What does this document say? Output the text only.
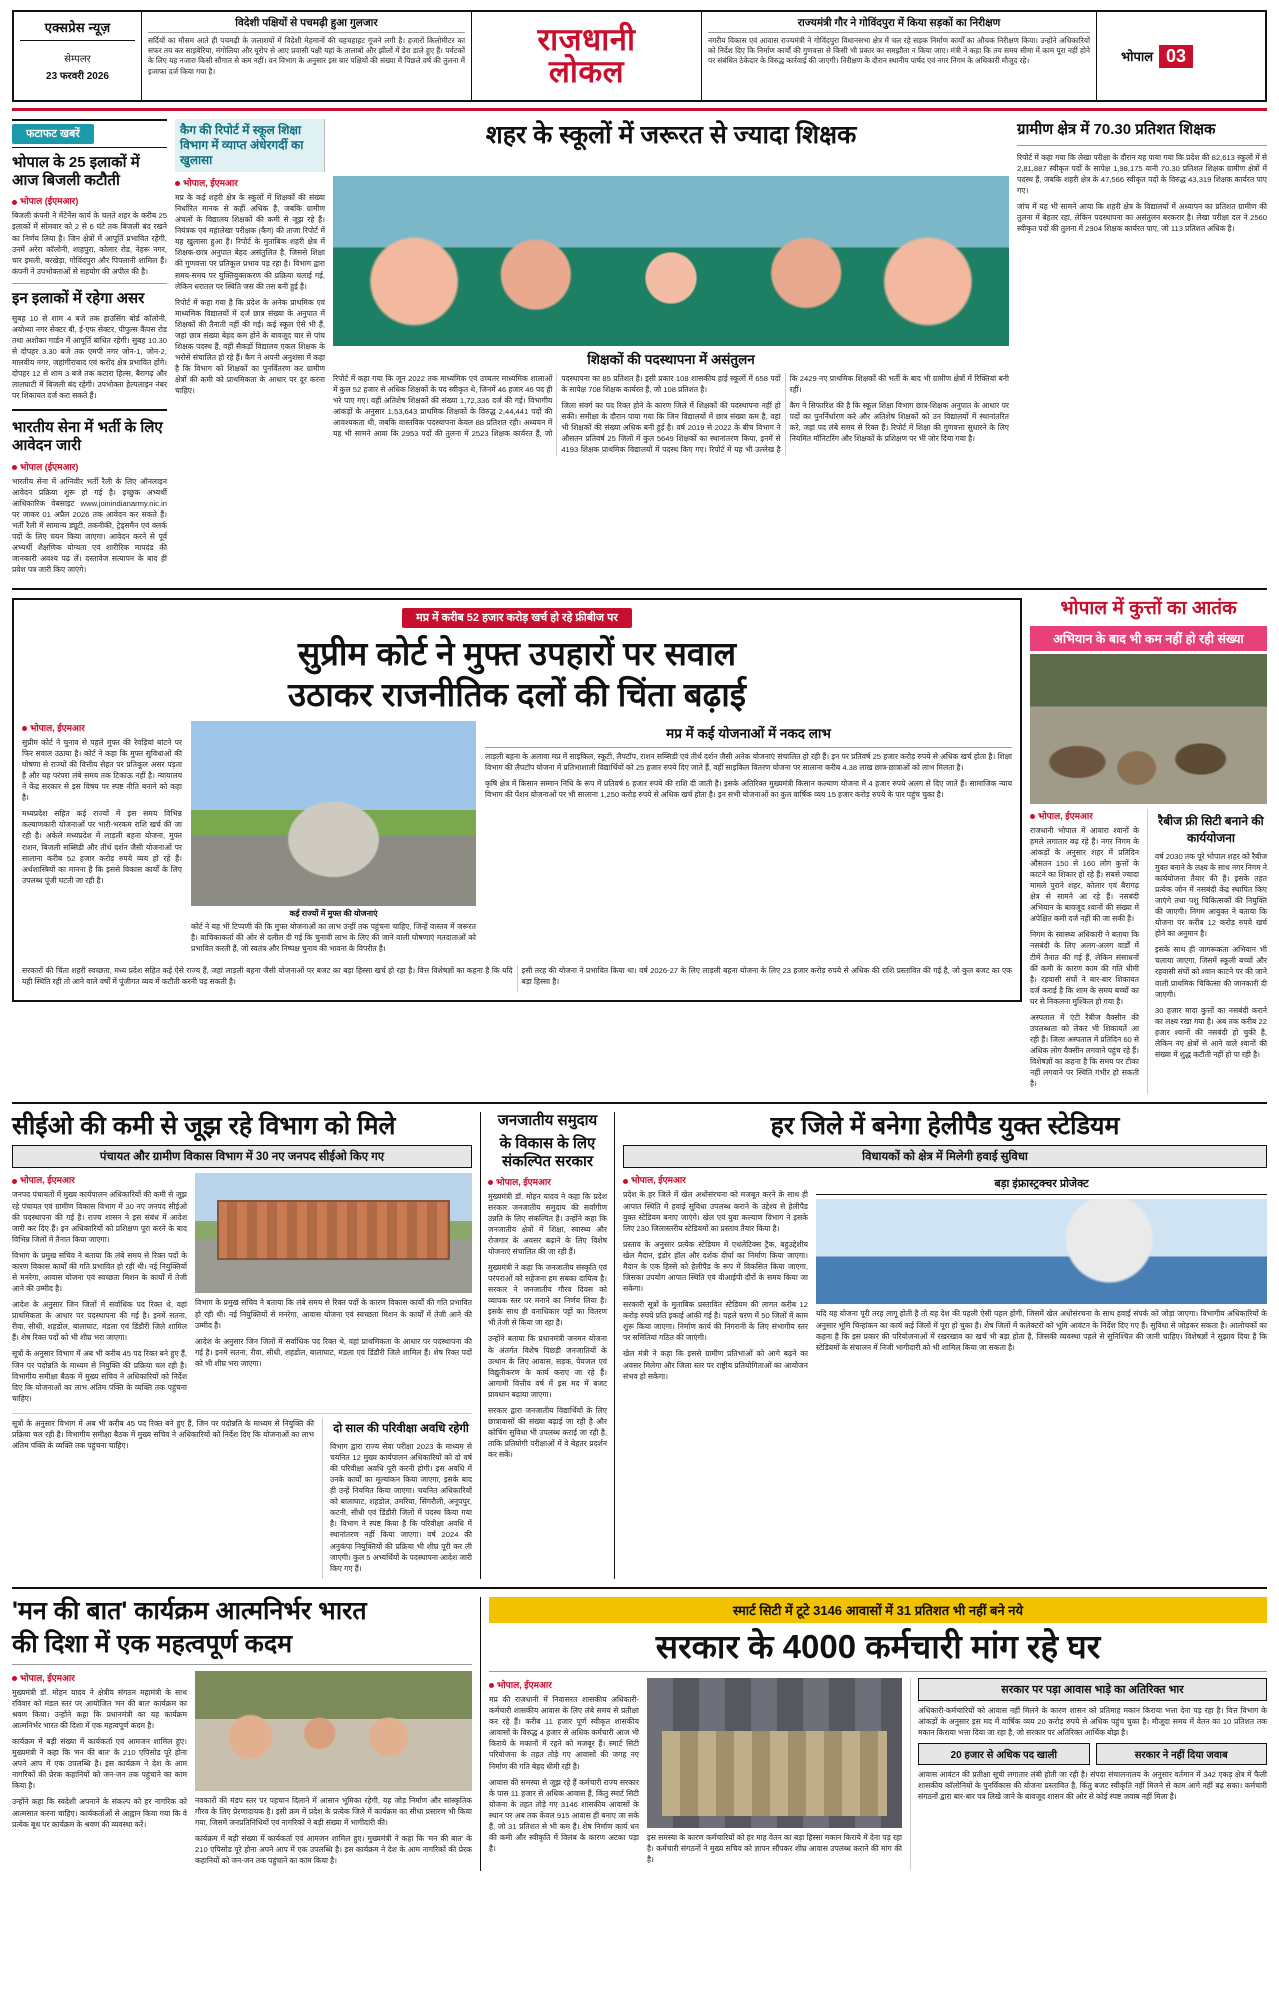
एक्सप्रेस न्यूज़
सेम्पलर
23 फरवरी 2026
विदेशी पक्षियों से पचमढ़ी हुआ गुलजार
सर्दियों का मौसम आते ही पचमढ़ी के जलाशयों में विदेशी मेहमानों की चहचहाहट गूंजने लगी है। हजारों किलोमीटर का सफर तय कर साइबेरिया, मंगोलिया और यूरोप से आए प्रवासी पक्षी यहां के तालाबों और झीलों में डेरा डाले हुए हैं। पर्यटकों के लिए यह नजारा किसी सौगात से कम नहीं। वन विभाग के अनुसार इस बार पक्षियों की संख्या में पिछले वर्ष की तुलना में इजाफा दर्ज किया गया है।
राजधानी
लोकल
राज्यमंत्री गौर ने गोविंदपुरा में किया सड़कों का निरीक्षण
नगरीय विकास एवं आवास राज्यमंत्री ने गोविंदपुरा विधानसभा क्षेत्र में चल रहे सड़क निर्माण कार्यों का औचक निरीक्षण किया। उन्होंने अधिकारियों को निर्देश दिए कि निर्माण कार्यों की गुणवत्ता से किसी भी प्रकार का समझौता न किया जाए। मंत्री ने कहा कि तय समय सीमा में काम पूरा नहीं होने पर संबंधित ठेकेदार के विरुद्ध कार्रवाई की जाएगी। निरीक्षण के दौरान स्थानीय पार्षद एवं नगर निगम के अधिकारी मौजूद रहे।	भोपाल 03
फटाफट खबरें
भोपाल के 25 इलाकों में आज बिजली कटौती
भोपाल (ईएमआर)

बिजली कंपनी ने मेंटेनेंस कार्य के चलते शहर के करीब 25 इलाकों में सोमवार को 2 से 6 घंटे तक बिजली बंद रखने का निर्णय लिया है। जिन क्षेत्रों में आपूर्ति प्रभावित रहेगी, उनमें अरेरा कॉलोनी, शाहपुरा, कोलार रोड, नेहरू नगर, चार इमली, बरखेड़ा, गोविंदपुरा और पिपलानी शामिल हैं। कंपनी ने उपभोक्ताओं से सहयोग की अपील की है।

इन इलाकों में रहेगा असर

सुबह 10 से शाम 4 बजे तक हाउसिंग बोर्ड कॉलोनी, अयोध्या नगर सेक्टर बी, ई-एफ सेक्टर, पीपुल्स कैंपस रोड तथा अशोका गार्डन में आपूर्ति बाधित रहेगी। सुबह 10.30 से दोपहर 3.30 बजे तक एमपी नगर जोन-1, जोन-2, मालवीय नगर, जहांगीराबाद एवं करोंद क्षेत्र प्रभावित होंगे। दोपहर 12 से शाम 3 बजे तक कटारा हिल्स, बैरागढ़ और लालघाटी में बिजली बंद रहेगी। उपभोक्ता हेल्पलाइन नंबर पर शिकायत दर्ज करा सकते हैं।

भारतीय सेना में भर्ती के लिए आवेदन जारी
भोपाल (ईएमआर)

भारतीय सेना में अग्निवीर भर्ती रैली के लिए ऑनलाइन आवेदन प्रक्रिया शुरू हो गई है। इच्छुक अभ्यर्थी आधिकारिक वेबसाइट www.joinindianarmy.nic.in पर जाकर 01 अप्रैल 2026 तक आवेदन कर सकते हैं। भर्ती रैली में सामान्य ड्यूटी, तकनीकी, ट्रेड्समैन एवं क्लर्क पदों के लिए चयन किया जाएगा। आवेदन करने से पूर्व अभ्यर्थी शैक्षणिक योग्यता एवं शारीरिक मापदंड की जानकारी अवश्य पढ़ लें। दस्तावेज सत्यापन के बाद ही प्रवेश पत्र जारी किए जाएंगे।

कैग की रिपोर्ट में स्कूल शिक्षा विभाग में व्याप्त अंधेरगर्दी का खुलासा
शहर के स्कूलों में जरूरत से ज्यादा शिक्षक
भोपाल, ईएमआर

मप्र के कई शहरी क्षेत्र के स्कूलों में शिक्षकों की संख्या निर्धारित मानक से कहीं अधिक है, जबकि ग्रामीण अंचलों के विद्यालय शिक्षकों की कमी से जूझ रहे हैं। नियंत्रक एवं महालेखा परीक्षक (कैग) की ताजा रिपोर्ट में यह खुलासा हुआ है। रिपोर्ट के मुताबिक शहरी क्षेत्र में शिक्षक-छात्र अनुपात बेहद असंतुलित है, जिससे शिक्षा की गुणवत्ता पर प्रतिकूल प्रभाव पड़ रहा है। विभाग द्वारा समय-समय पर युक्तियुक्तकरण की प्रक्रिया चलाई गई, लेकिन धरातल पर स्थिति जस की तस बनी हुई है।

रिपोर्ट में कहा गया है कि प्रदेश के अनेक प्राथमिक एवं माध्यमिक विद्यालयों में दर्ज छात्र संख्या के अनुपात में शिक्षकों की तैनाती नहीं की गई। कई स्कूल ऐसे भी हैं, जहां छात्र संख्या बेहद कम होने के बावजूद चार से पांच शिक्षक पदस्थ हैं, वहीं सैकड़ों विद्यालय एकल शिक्षक के भरोसे संचालित हो रहे हैं। कैग ने अपनी अनुशंसा में कहा है कि विभाग को शिक्षकों का पुनर्वितरण कर ग्रामीण क्षेत्रों की कमी को प्राथमिकता के आधार पर दूर करना चाहिए।

शिक्षकों की पदस्थापना में असंतुलन

रिपोर्ट में कहा गया कि जून 2022 तक माध्यमिक एवं उच्चतर माध्यमिक शालाओं में कुल 52 हजार से अधिक शिक्षकों के पद स्वीकृत थे, जिनमें 46 हजार 46 पद ही भरे पाए गए। वहीं अतिशेष शिक्षकों की संख्या 1,72,336 दर्ज की गई। विभागीय आंकड़ों के अनुसार 1,53,643 प्राथमिक शिक्षकों के विरुद्ध 2,44,441 पदों की आवश्यकता थी, जबकि वास्तविक पदस्थापना केवल 88 प्रतिशत रही। अध्ययन में यह भी सामने आया कि 2953 पदों की तुलना में 2523 शिक्षक कार्यरत हैं, जो पदस्थापना का 85 प्रतिशत है। इसी प्रकार 108 शासकीय हाई स्कूलों में 658 पदों के सापेक्ष 708 शिक्षक कार्यरत हैं, जो 108 प्रतिशत है।

जिला संवर्ग का पद रिक्त होने के कारण जिले में शिक्षकों की पदस्थापना नहीं हो सकी। समीक्षा के दौरान पाया गया कि जिन विद्यालयों में छात्र संख्या कम है, वहां भी शिक्षकों की संख्या अधिक बनी हुई है। वर्ष 2019 से 2022 के बीच विभाग ने औसतन प्रतिवर्ष 25 जिलों में कुल 5649 शिक्षकों का स्थानांतरण किया, इनमें से 4193 शिक्षक प्राथमिक विद्यालयों में पदस्थ किए गए। रिपोर्ट में यह भी उल्लेख है कि 2429 नए प्राथमिक शिक्षकों की भर्ती के बाद भी ग्रामीण क्षेत्रों में रिक्तियां बनी रहीं।

कैग ने सिफारिश की है कि स्कूल शिक्षा विभाग छात्र-शिक्षक अनुपात के आधार पर पदों का पुनर्निर्धारण करे और अतिशेष शिक्षकों को उन विद्यालयों में स्थानांतरित करे, जहां पद लंबे समय से रिक्त हैं। रिपोर्ट में शिक्षा की गुणवत्ता सुधारने के लिए नियमित मॉनिटरिंग और शिक्षकों के प्रशिक्षण पर भी जोर दिया गया है।

ग्रामीण क्षेत्र में 70.30 प्रतिशत शिक्षक

रिपोर्ट में कहा गया कि लेखा परीक्षा के दौरान यह पाया गया कि प्रदेश की 82,613 स्कूलों में से 2,81,887 स्वीकृत पदों के सापेक्ष 1,98,175 यानी 70.30 प्रतिशत शिक्षक ग्रामीण क्षेत्रों में पदस्थ हैं, जबकि शहरी क्षेत्र के 47,566 स्वीकृत पदों के विरुद्ध 43,319 शिक्षक कार्यरत पाए गए।

जांच में यह भी सामने आया कि शहरी क्षेत्र के विद्यालयों में अध्यापन का प्रतिशत ग्रामीण की तुलना में बेहतर रहा, लेकिन पदस्थापना का असंतुलन बरकरार है। लेखा परीक्षा दल ने 2560 स्वीकृत पदों की तुलना में 2904 शिक्षक कार्यरत पाए, जो 113 प्रतिशत अधिक है।

मप्र में करीब 52 हजार करोड़ खर्च हो रहे फ्रीबीज पर
सुप्रीम कोर्ट ने मुफ्त उपहारों पर सवाल
उठाकर राजनीतिक दलों की चिंता बढ़ाई
भोपाल, ईएमआर

सुप्रीम कोर्ट ने चुनाव से पहले मुफ्त की रेवड़ियां बांटने पर फिर सवाल उठाया है। कोर्ट ने कहा कि मुफ्त सुविधाओं की घोषणा से राज्यों की वित्तीय सेहत पर प्रतिकूल असर पड़ता है और यह परंपरा लंबे समय तक टिकाऊ नहीं है। न्यायालय ने केंद्र सरकार से इस विषय पर स्पष्ट नीति बनाने को कहा है।

मध्यप्रदेश सहित कई राज्यों में इस समय विभिन्न कल्याणकारी योजनाओं पर भारी-भरकम राशि खर्च की जा रही है। अकेले मध्यप्रदेश में लाड़ली बहना योजना, मुफ्त राशन, बिजली सब्सिडी और तीर्थ दर्शन जैसी योजनाओं पर सालाना करीब 52 हजार करोड़ रुपये व्यय हो रहे हैं। अर्थशास्त्रियों का मानना है कि इससे विकास कार्यों के लिए उपलब्ध पूंजी घटती जा रही है।

कई राज्यों में मुफ्त की योजनाएं

कोर्ट ने यह भी टिप्पणी की कि मुफ्त योजनाओं का लाभ उन्हीं तक पहुंचना चाहिए, जिन्हें वास्तव में जरूरत है। याचिकाकर्ता की ओर से दलील दी गई कि चुनावी लाभ के लिए की जाने वाली घोषणाएं मतदाताओं को प्रभावित करती हैं, जो स्वतंत्र और निष्पक्ष चुनाव की भावना के विपरीत है।

मप्र में कई योजनाओं में नकद लाभ

लाड़ली बहना के अलावा मप्र में साइकिल, स्कूटी, लैपटॉप, राशन सब्सिडी एवं तीर्थ दर्शन जैसी अनेक योजनाएं संचालित हो रही हैं। इन पर प्रतिवर्ष 25 हजार करोड़ रुपये से अधिक खर्च होता है। शिक्षा विभाग की लैपटॉप योजना में प्रतिभाशाली विद्यार्थियों को 25 हजार रुपये दिए जाते हैं, वहीं साइकिल वितरण योजना पर सालाना करीब 4.38 लाख छात्र-छात्राओं को लाभ मिलता है।

कृषि क्षेत्र में किसान सम्मान निधि के रूप में प्रतिवर्ष 6 हजार रुपये की राशि दी जाती है। इसके अतिरिक्त मुख्यमंत्री किसान कल्याण योजना में 4 हजार रुपये अलग से दिए जाते हैं। सामाजिक न्याय विभाग की पेंशन योजनाओं पर भी सालाना 1,250 करोड़ रुपये से अधिक खर्च होता है। इन सभी योजनाओं का कुल वार्षिक व्यय 15 हजार करोड़ रुपये के पार पहुंच चुका है।

सरकारों की चिंता शहरी स्वच्छता, मध्य प्रदेश सहित कई ऐसे राज्य हैं, जहां लाड़ली बहना जैसी योजनाओं पर बजट का बड़ा हिस्सा खर्च हो रहा है। वित्त विशेषज्ञों का कहना है कि यदि यही स्थिति रही तो आने वाले वर्षों में पूंजीगत व्यय में कटौती करनी पड़ सकती है।

इसी तरह की योजना ने प्रभावित किया था। वर्ष 2026-27 के लिए लाड़ली बहना योजना के लिए 23 हजार करोड़ रुपये से अधिक की राशि प्रस्तावित की गई है, जो कुल बजट का एक बड़ा हिस्सा है।

भोपाल में कुत्तों का आतंक
अभियान के बाद भी कम नहीं हो रही संख्या
भोपाल, ईएमआर

राजधानी भोपाल में आवारा श्वानों के हमले लगातार बढ़ रहे हैं। नगर निगम के आंकड़ों के अनुसार शहर में प्रतिदिन औसतन 150 से 160 लोग कुत्तों के काटने का शिकार हो रहे हैं। सबसे ज्यादा मामले पुराने शहर, कोलार एवं बैरागढ़ क्षेत्र से सामने आ रहे हैं। नसबंदी अभियान के बावजूद श्वानों की संख्या में अपेक्षित कमी दर्ज नहीं की जा सकी है।

निगम के स्वास्थ्य अधिकारी ने बताया कि नसबंदी के लिए अलग-अलग वार्डों में टीमें तैनात की गई हैं, लेकिन संसाधनों की कमी के कारण काम की गति धीमी है। रहवासी संघों ने बार-बार शिकायत दर्ज कराई है कि शाम के समय बच्चों का घर से निकलना मुश्किल हो गया है।

अस्पताल में एंटी रैबीज वैक्सीन की उपलब्धता को लेकर भी शिकायतें आ रही हैं। जिला अस्पताल में प्रतिदिन 60 से अधिक लोग वैक्सीन लगवाने पहुंच रहे हैं। विशेषज्ञों का कहना है कि समय पर टीका नहीं लगवाने पर स्थिति गंभीर हो सकती है।

रैबीज फ्री सिटी बनाने की कार्ययोजना

वर्ष 2030 तक पूरे भोपाल शहर को रैबीज मुक्त बनाने के लक्ष्य के साथ नगर निगम ने कार्ययोजना तैयार की है। इसके तहत प्रत्येक जोन में नसबंदी केंद्र स्थापित किए जाएंगे तथा पशु चिकित्सकों की नियुक्ति की जाएगी। निगम आयुक्त ने बताया कि योजना पर करीब 12 करोड़ रुपये खर्च होने का अनुमान है।

इसके साथ ही जागरूकता अभियान भी चलाया जाएगा, जिसमें स्कूली बच्चों और रहवासी संघों को श्वान काटने पर की जाने वाली प्राथमिक चिकित्सा की जानकारी दी जाएगी।

30 हजार मादा कुत्तों का नसबंदी कराने का लक्ष्य रखा गया है। अब तक करीब 22 हजार श्वानों की नसबंदी हो चुकी है, लेकिन नए क्षेत्रों से आने वाले श्वानों की संख्या में शुद्ध कटौती नहीं हो पा रही है।

सीईओ की कमी से जूझ रहे विभाग को मिले
पंचायत और ग्रामीण विकास विभाग में 30 नए जनपद सीईओ किए गए
भोपाल, ईएमआर

जनपद पंचायतों में मुख्य कार्यपालन अधिकारियों की कमी से जूझ रहे पंचायत एवं ग्रामीण विकास विभाग में 30 नए जनपद सीईओ की पदस्थापना की गई है। राज्य शासन ने इस संबंध में आदेश जारी कर दिए हैं। इन अधिकारियों को प्रशिक्षण पूरा करने के बाद विभिन्न जिलों में तैनात किया जाएगा।

विभाग के प्रमुख सचिव ने बताया कि लंबे समय से रिक्त पदों के कारण विकास कार्यों की गति प्रभावित हो रही थी। नई नियुक्तियों से मनरेगा, आवास योजना एवं स्वच्छता मिशन के कार्यों में तेजी आने की उम्मीद है।

आदेश के अनुसार जिन जिलों में सर्वाधिक पद रिक्त थे, वहां प्राथमिकता के आधार पर पदस्थापना की गई है। इनमें सतना, रीवा, सीधी, शहडोल, बालाघाट, मंडला एवं डिंडौरी जिले शामिल हैं। शेष रिक्त पदों को भी शीघ्र भरा जाएगा।

सूत्रों के अनुसार विभाग में अब भी करीब 45 पद रिक्त बने हुए हैं, जिन पर पदोन्नति के माध्यम से नियुक्ति की प्रक्रिया चल रही है। विभागीय समीक्षा बैठक में मुख्य सचिव ने अधिकारियों को निर्देश दिए कि योजनाओं का लाभ अंतिम पंक्ति के व्यक्ति तक पहुंचना चाहिए।

विभाग के प्रमुख सचिव ने बताया कि लंबे समय से रिक्त पदों के कारण विकास कार्यों की गति प्रभावित हो रही थी। नई नियुक्तियों से मनरेगा, आवास योजना एवं स्वच्छता मिशन के कार्यों में तेजी आने की उम्मीद है।

आदेश के अनुसार जिन जिलों में सर्वाधिक पद रिक्त थे, वहां प्राथमिकता के आधार पर पदस्थापना की गई है। इनमें सतना, रीवा, सीधी, शहडोल, बालाघाट, मंडला एवं डिंडौरी जिले शामिल हैं। शेष रिक्त पदों को भी शीघ्र भरा जाएगा।

सूत्रों के अनुसार विभाग में अब भी करीब 45 पद रिक्त बने हुए हैं, जिन पर पदोन्नति के माध्यम से नियुक्ति की प्रक्रिया चल रही है। विभागीय समीक्षा बैठक में मुख्य सचिव ने अधिकारियों को निर्देश दिए कि योजनाओं का लाभ अंतिम पंक्ति के व्यक्ति तक पहुंचना चाहिए।

दो साल की परिवीक्षा अवधि रहेगी

विभाग द्वारा राज्य सेवा परीक्षा 2023 के माध्यम से चयनित 12 मुख्य कार्यपालन अधिकारियों को दो वर्ष की परिवीक्षा अवधि पूरी करनी होगी। इस अवधि में उनके कार्यों का मूल्यांकन किया जाएगा, इसके बाद ही उन्हें नियमित किया जाएगा। चयनित अधिकारियों को बालाघाट, शहडोल, उमरिया, सिंगरौली, अनूपपुर, कटनी, सीधी एवं डिंडौरी जिलों में पदस्थ किया गया है। विभाग ने स्पष्ट किया है कि परिवीक्षा अवधि में स्थानांतरण नहीं किया जाएगा। वर्ष 2024 की अनुकंपा नियुक्तियों की प्रक्रिया भी शीघ्र पूरी कर ली जाएगी। कुल 5 अभ्यर्थियों के पदस्थापना आदेश जारी किए गए हैं।

जनजातीय समुदाय
के विकास के लिए
संकल्पित सरकार
भोपाल, ईएमआर

मुख्यमंत्री डॉ. मोहन यादव ने कहा कि प्रदेश सरकार जनजातीय समुदाय की सर्वांगीण उन्नति के लिए संकल्पित है। उन्होंने कहा कि जनजातीय क्षेत्रों में शिक्षा, स्वास्थ्य और रोजगार के अवसर बढ़ाने के लिए विशेष योजनाएं संचालित की जा रही हैं।

मुख्यमंत्री ने कहा कि जनजातीय संस्कृति एवं परंपराओं को सहेजना हम सबका दायित्व है। सरकार ने जनजातीय गौरव दिवस को व्यापक स्तर पर मनाने का निर्णय लिया है। इसके साथ ही वनाधिकार पट्टों का वितरण भी तेजी से किया जा रहा है।

उन्होंने बताया कि प्रधानमंत्री जनमन योजना के अंतर्गत विशेष पिछड़ी जनजातियों के उत्थान के लिए आवास, सड़क, पेयजल एवं विद्युतीकरण के कार्य कराए जा रहे हैं। आगामी वित्तीय वर्ष में इस मद में बजट प्रावधान बढ़ाया जाएगा।

सरकार द्वारा जनजातीय विद्यार्थियों के लिए छात्रावासों की संख्या बढ़ाई जा रही है और कोचिंग सुविधा भी उपलब्ध कराई जा रही है, ताकि प्रतियोगी परीक्षाओं में वे बेहतर प्रदर्शन कर सकें।

हर जिले में बनेगा हेलीपैड युक्त स्टेडियम
विधायकों को क्षेत्र में मिलेगी हवाई सुविधा
भोपाल, ईएमआर

प्रदेश के हर जिले में खेल अधोसंरचना को मजबूत करने के साथ ही आपात स्थिति में हवाई सुविधा उपलब्ध कराने के उद्देश्य से हेलीपैड युक्त स्टेडियम बनाए जाएंगे। खेल एवं युवा कल्याण विभाग ने इसके लिए 230 जिलास्तरीय स्टेडियमों का प्रस्ताव तैयार किया है।

प्रस्ताव के अनुसार प्रत्येक स्टेडियम में एथलेटिक्स ट्रैक, बहुउद्देशीय खेल मैदान, इंडोर हॉल और दर्शक दीर्घा का निर्माण किया जाएगा। मैदान के एक हिस्से को हेलीपैड के रूप में विकसित किया जाएगा, जिसका उपयोग आपात स्थिति एवं वीआईपी दौरों के समय किया जा सकेगा।

सरकारी सूत्रों के मुताबिक प्रस्तावित स्टेडियम की लागत करीब 12 करोड़ रुपये प्रति इकाई आंकी गई है। पहले चरण में 50 जिलों में काम शुरू किया जाएगा। निर्माण कार्य की निगरानी के लिए संभागीय स्तर पर समितियां गठित की जाएंगी।

खेल मंत्री ने कहा कि इससे ग्रामीण प्रतिभाओं को आगे बढ़ने का अवसर मिलेगा और जिला स्तर पर राष्ट्रीय प्रतियोगिताओं का आयोजन संभव हो सकेगा।

बड़ा इंफ्रास्ट्रक्चर प्रोजेक्ट

यदि यह योजना पूरी तरह लागू होती है तो यह देश की पहली ऐसी पहल होगी, जिसमें खेल अधोसंरचना के साथ हवाई संपर्क को जोड़ा जाएगा। विभागीय अधिकारियों के अनुसार भूमि चिन्हांकन का कार्य कई जिलों में पूरा हो चुका है। शेष जिलों में कलेक्टरों को भूमि आवंटन के निर्देश दिए गए हैं। सुविधा से जोड़कर सकता है। आलोचकों का कहना है कि इस प्रकार की परियोजनाओं में रखरखाव का खर्च भी बड़ा होता है, जिसकी व्यवस्था पहले से सुनिश्चित की जानी चाहिए। विशेषज्ञों ने सुझाव दिया है कि स्टेडियमों के संचालन में निजी भागीदारी को भी शामिल किया जा सकता है।

'मन की बात' कार्यक्रम आत्मनिर्भर भारत
की दिशा में एक महत्वपूर्ण कदम
भोपाल, ईएमआर

मुख्यमंत्री डॉ. मोहन यादव ने क्षेत्रीय संगठन महामंत्री के साथ रविवार को मंडल स्तर पर आयोजित 'मन की बात' कार्यक्रम का श्रवण किया। उन्होंने कहा कि प्रधानमंत्री का यह कार्यक्रम आत्मनिर्भर भारत की दिशा में एक महत्वपूर्ण कदम है।

कार्यक्रम में बड़ी संख्या में कार्यकर्ता एवं आमजन शामिल हुए। मुख्यमंत्री ने कहा कि 'मन की बात' के 210 एपिसोड पूरे होना अपने आप में एक उपलब्धि है। इस कार्यक्रम ने देश के आम नागरिकों की प्रेरक कहानियों को जन-जन तक पहुंचाने का काम किया है।

उन्होंने कहा कि स्वदेशी अपनाने के संकल्प को हर नागरिक को आत्मसात करना चाहिए। कार्यकर्ताओं से आह्वान किया गया कि वे प्रत्येक बूथ पर कार्यक्रम के श्रवण की व्यवस्था करें।

नवकारों की मंडप स्तर पर पहचान दिलाने में आसान भूमिका रहेगी, यह जोड़ निर्माण और सांस्कृतिक गौरव के लिए प्रेरणादायक है। इसी क्रम में प्रदेश के प्रत्येक जिले में कार्यक्रम का सीधा प्रसारण भी किया गया, जिसमें जनप्रतिनिधियों एवं नागरिकों ने बड़ी संख्या में भागीदारी की।

कार्यक्रम में बड़ी संख्या में कार्यकर्ता एवं आमजन शामिल हुए। मुख्यमंत्री ने कहा कि 'मन की बात' के 210 एपिसोड पूरे होना अपने आप में एक उपलब्धि है। इस कार्यक्रम ने देश के आम नागरिकों की प्रेरक कहानियों को जन-जन तक पहुंचाने का काम किया है।

स्मार्ट सिटी में टूटे 3146 आवासों में 31 प्रतिशत भी नहीं बने नये
सरकार के 4000 कर्मचारी मांग रहे घर
भोपाल, ईएमआर

मप्र की राजधानी में निवासरत शासकीय अधिकारी-कर्मचारी शासकीय आवास के लिए लंबे समय से प्रतीक्षा कर रहे हैं। करीब 11 हजार पूर्ण स्वीकृत शासकीय आवासों के विरुद्ध 4 हजार से अधिक कर्मचारी आज भी किराये के मकानों में रहने को मजबूर हैं। स्मार्ट सिटी परियोजना के तहत तोड़े गए आवासों की जगह नए निर्माण की गति बेहद धीमी रही है।

आवास की समस्या से जूझ रहे हैं कर्मचारी राज्य सरकार के पास 11 हजार से अधिक आवास हैं, किंतु स्मार्ट सिटी योजना के तहत तोड़े गए 3146 शासकीय आवासों के स्थान पर अब तक केवल 915 आवास ही बनाए जा सके हैं, जो 31 प्रतिशत से भी कम है। शेष निर्माण कार्य धन की कमी और स्वीकृति में विलंब के कारण अटका पड़ा है।

इस समस्या के कारण कर्मचारियों को हर माह वेतन का बड़ा हिस्सा मकान किराये में देना पड़ रहा है। कर्मचारी संगठनों ने मुख्य सचिव को ज्ञापन सौंपकर शीघ्र आवास उपलब्ध कराने की मांग की है।

सरकार पर पड़ा आवास भाड़े का अतिरिक्त भार

अधिकारी-कर्मचारियों को आवास नहीं मिलने के कारण शासन को प्रतिमाह मकान किराया भत्ता देना पड़ रहा है। वित्त विभाग के आंकड़ों के अनुसार इस मद में वार्षिक व्यय 20 करोड़ रुपये से अधिक पहुंच चुका है। मौजूदा समय में वेतन का 10 प्रतिशत तक मकान किराया भत्ता दिया जा रहा है, जो सरकार पर अतिरिक्त आर्थिक बोझ है।

20 हजार से अधिक पद खाली	सरकार ने नहीं दिया जवाब

आवास आवंटन की प्रतीक्षा सूची लगातार लंबी होती जा रही है। संपदा संचालनालय के अनुसार वर्तमान में 342 एकड़ क्षेत्र में फैली शासकीय कॉलोनियों के पुनर्विकास की योजना प्रस्तावित है, किंतु बजट स्वीकृति नहीं मिलने से काम आगे नहीं बढ़ सका। कर्मचारी संगठनों द्वारा बार-बार पत्र लिखे जाने के बावजूद शासन की ओर से कोई स्पष्ट जवाब नहीं मिला है।
